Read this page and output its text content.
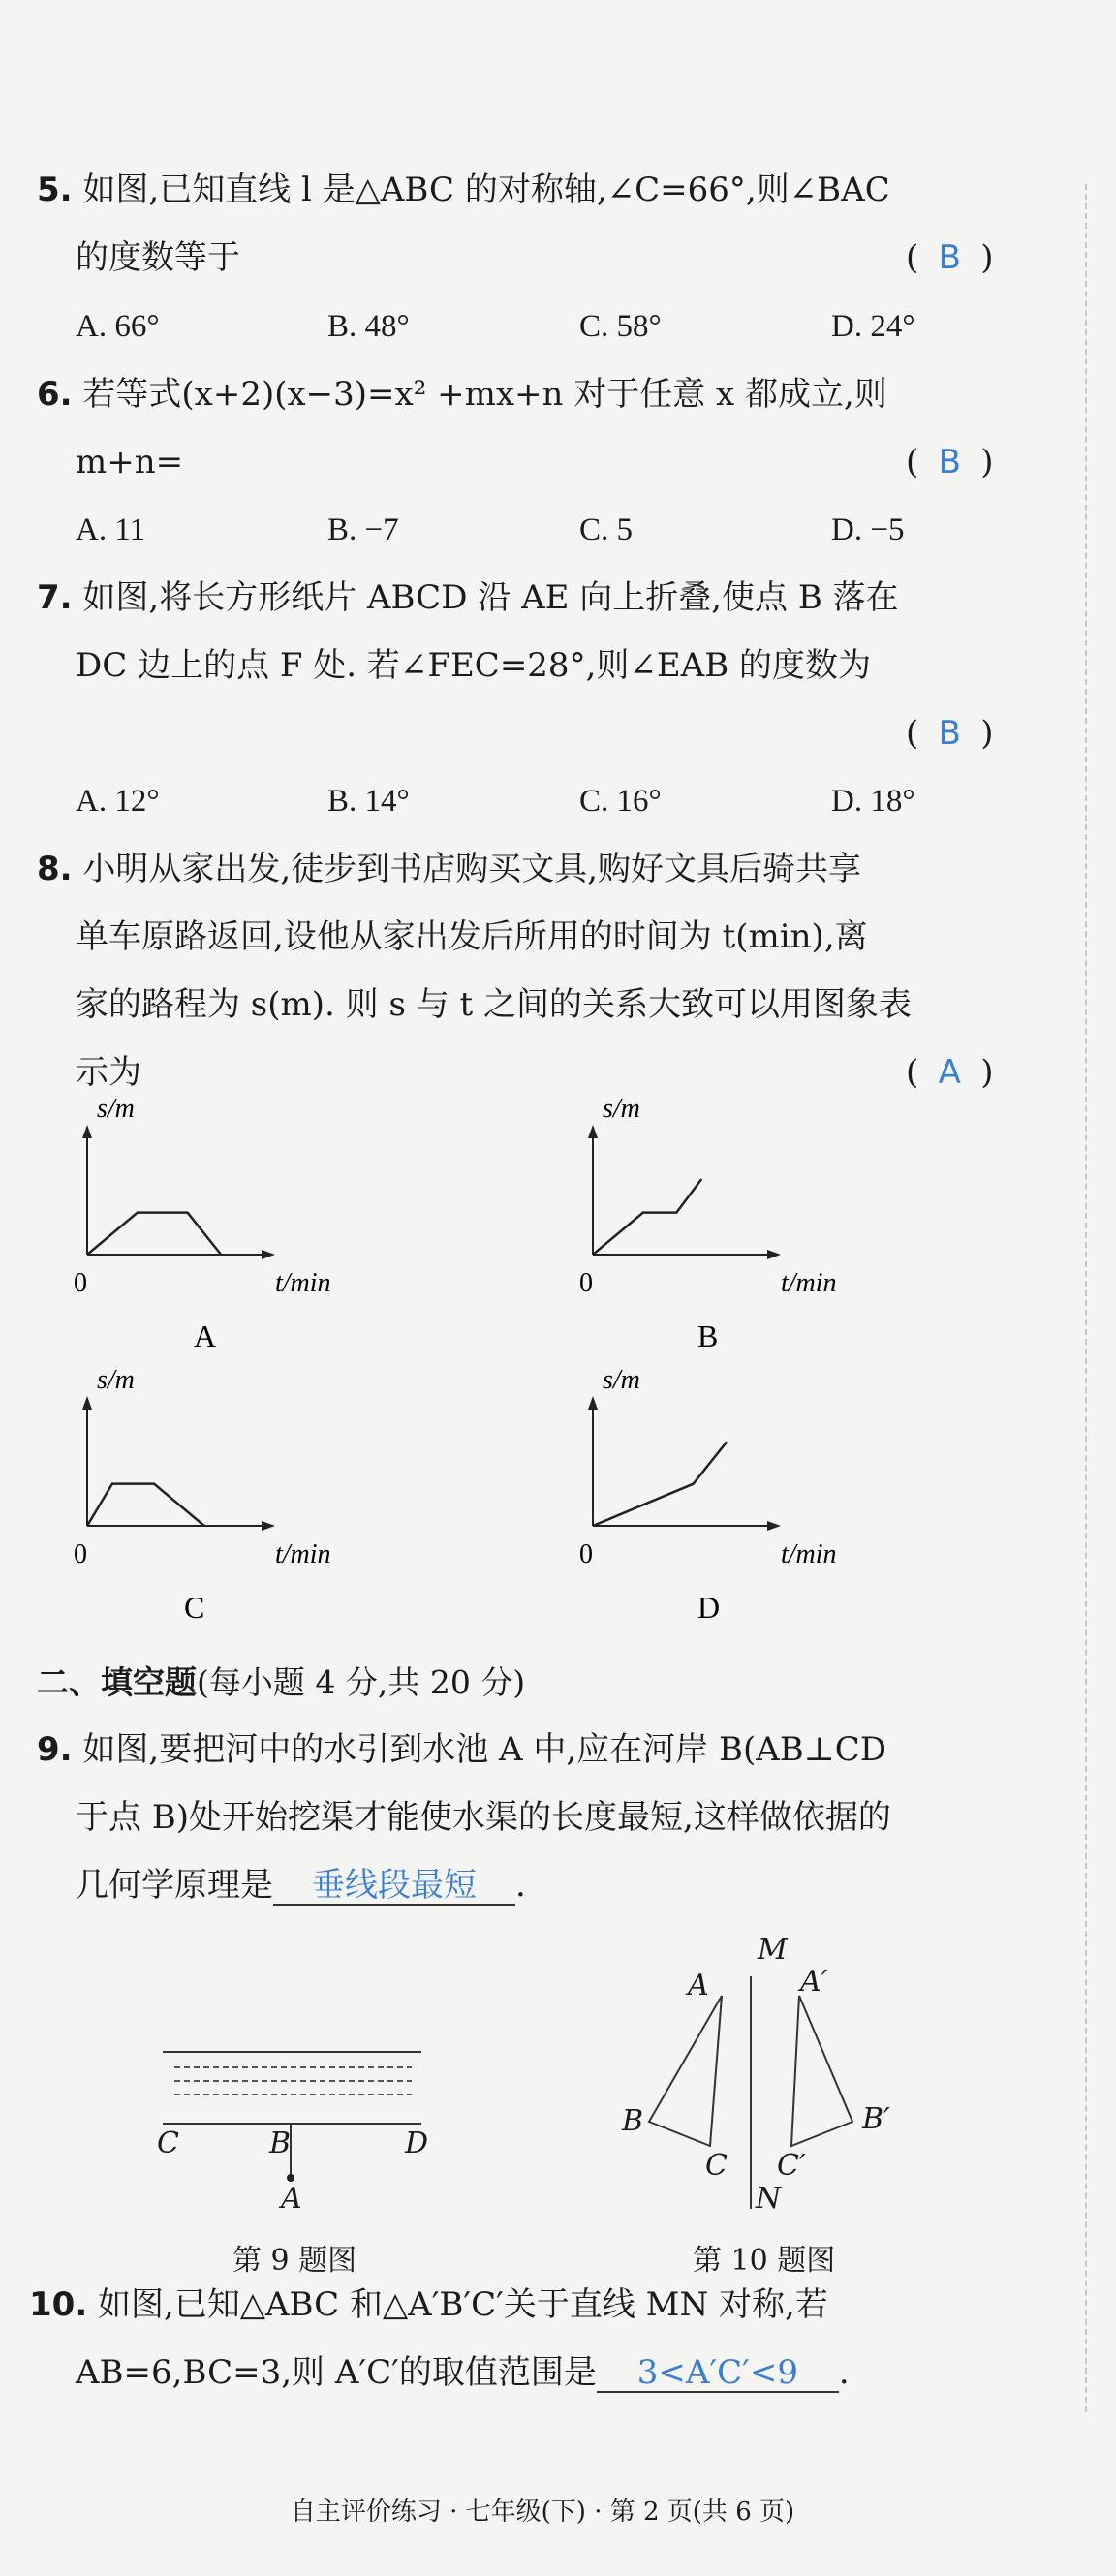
5. 如图,已知直线 l 是△ABC 的对称轴,∠C=66°,则∠BAC
的度数等于	( B )
A. 66°	B. 48°	C. 58°	D. 24°
6. 若等式(x+2)(x−3)=x² +mx+n 对于任意 x 都成立,则
m+n=	( B )
A. 11	B. −7	C. 5	D. −5
7. 如图,将长方形纸片 ABCD 沿 AE 向上折叠,使点 B 落在
DC 边上的点 F 处. 若∠FEC=28°,则∠EAB 的度数为
( B )
A. 12°	B. 14°	C. 16°	D. 18°
8. 小明从家出发,徒步到书店购买文具,购好文具后骑共享
单车原路返回,设他从家出发后所用的时间为 t(min),离
家的路程为 s(m). 则 s 与 t 之间的关系大致可以用图象表
示为	( A )
s/m
t/min
0
A
s/m
t/min
0
B
s/m
t/min
0
C
s/m
t/min
0
D
二、填空题(每小题 4 分,共 20 分)
9. 如图,要把河中的水引到水池 A 中,应在河岸 B(AB⊥CD
于点 B)处开始挖渠才能使水渠的长度最短,这样做依据的
几何学原理是 垂线段最短 .
C	B	D
A
第 9 题图
M
A	A′
B	B′
C C′
N
第 10 题图
10. 如图,已知△ABC 和△A′B′C′关于直线 MN 对称,若
AB=6,BC=3,则 A′C′的取值范围是 3<A′C′<9 .
自主评价练习 · 七年级(下) · 第 2 页(共 6 页)
